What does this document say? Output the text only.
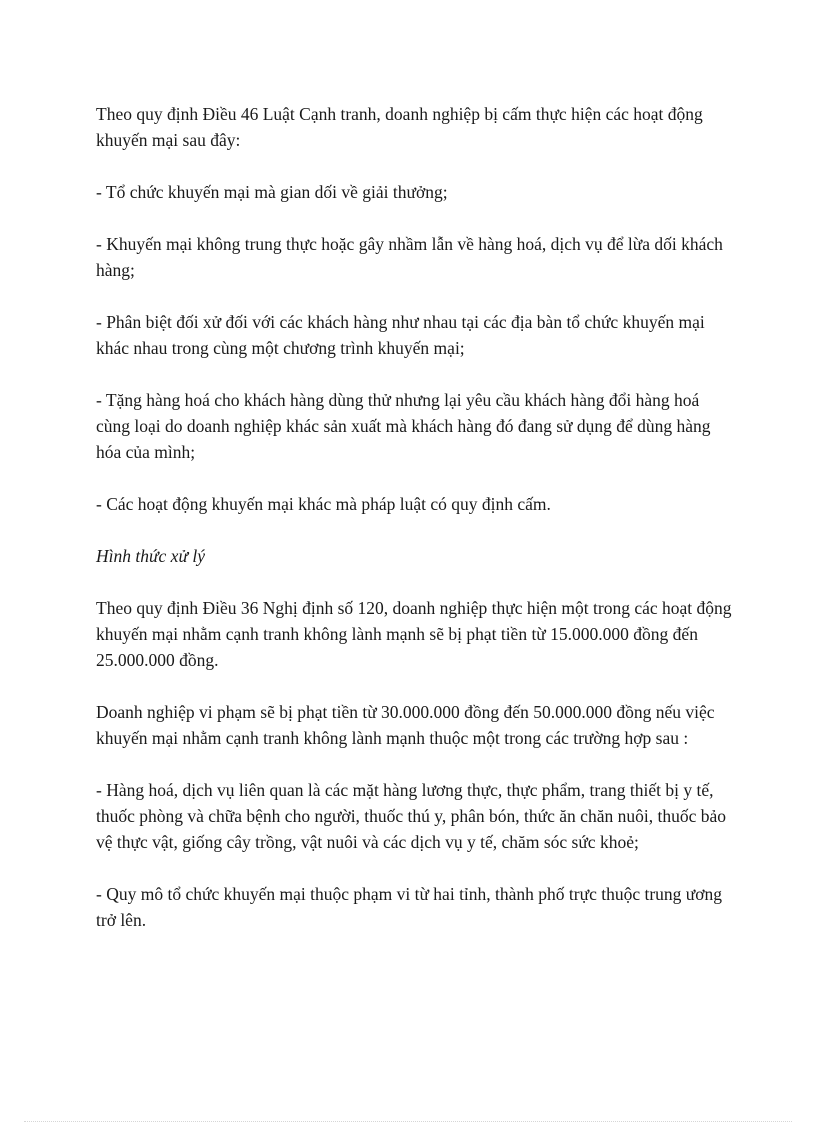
Theo quy định Điều 46 Luật Cạnh tranh, doanh nghiệp bị cấm thực hiện các hoạt động khuyến mại sau đây:

- Tổ chức khuyến mại mà gian dối về giải thưởng;

- Khuyến mại không trung thực hoặc gây nhầm lẫn về hàng hoá, dịch vụ để lừa dối khách hàng;

- Phân biệt đối xử đối với các khách hàng như nhau tại các địa bàn tổ chức khuyến mại khác nhau trong cùng một chương trình khuyến mại;

- Tặng hàng hoá cho khách hàng dùng thử nhưng lại yêu cầu khách hàng đổi hàng hoá cùng loại do doanh nghiệp khác sản xuất mà khách hàng đó đang sử dụng để dùng hàng hóa của mình;

- Các hoạt động khuyến mại khác mà pháp luật có quy định cấm.

Hình thức xử lý

Theo quy định Điều 36 Nghị định số 120, doanh nghiệp thực hiện một trong các hoạt động khuyến mại nhằm cạnh tranh không lành mạnh sẽ bị phạt tiền từ 15.000.000 đồng đến 25.000.000 đồng.

Doanh nghiệp vi phạm sẽ bị phạt tiền từ 30.000.000 đồng đến 50.000.000 đồng nếu việc khuyến mại nhằm cạnh tranh không lành mạnh thuộc một trong các trường hợp sau :

- Hàng hoá, dịch vụ liên quan là các mặt hàng lương thực, thực phẩm, trang thiết bị y tế, thuốc phòng và chữa bệnh cho người, thuốc thú y, phân bón, thức ăn chăn nuôi, thuốc bảo vệ thực vật, giống cây trồng, vật nuôi và các dịch vụ y tế, chăm sóc sức khoẻ;

- Quy mô tổ chức khuyến mại thuộc phạm vi từ hai tỉnh, thành phố trực thuộc trung ương trở lên.
